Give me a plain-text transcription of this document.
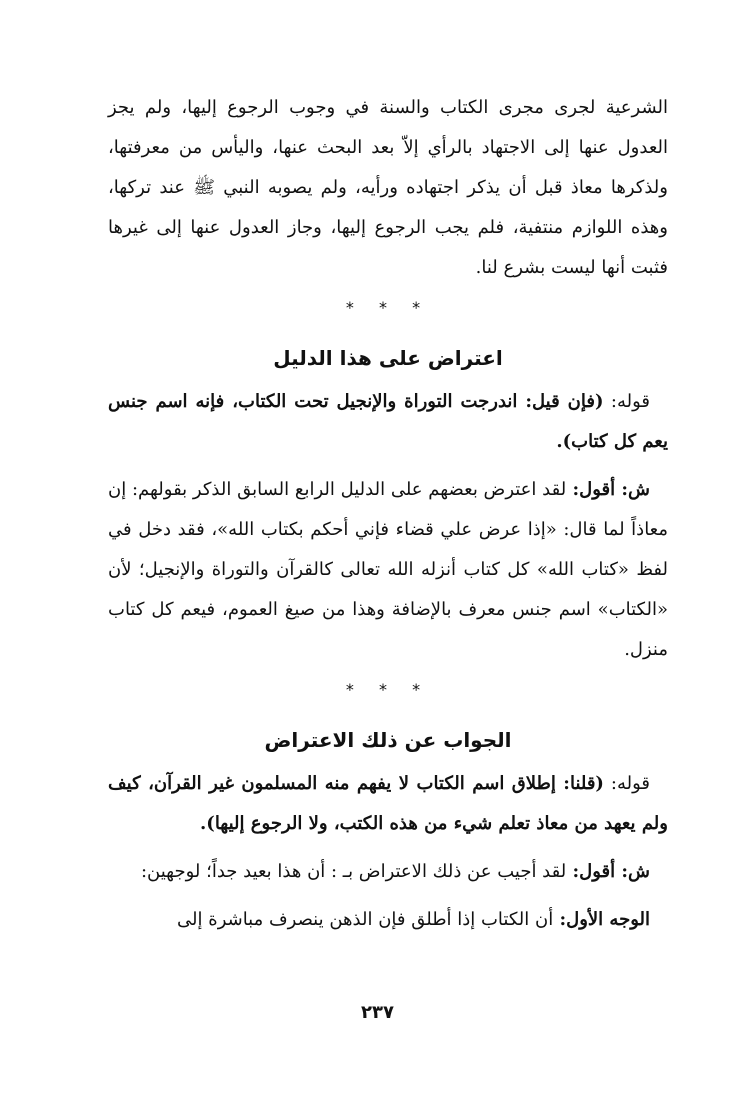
الشرعية لجرى مجرى الكتاب والسنة في وجوب الرجوع إليها، ولم يجز العدول عنها إلى الاجتهاد بالرأي إلاّ بعد البحث عنها، واليأس من معرفتها، ولذكرها معاذ قبل أن يذكر اجتهاده ورأيه، ولم يصوبه النبي ﷺ عند تركها، وهذه اللوازم منتفية، فلم يجب الرجوع إليها، وجاز العدول عنها إلى غيرها فثبت أنها ليست بشرع لنا.

* * *

اعتراض على هذا الدليل

قوله: (فإن قيل: اندرجت التوراة والإنجيل تحت الكتاب، فإنه اسم جنس يعم كل كتاب).

ش: أقول: لقد اعترض بعضهم على الدليل الرابع السابق الذكر بقولهم: إن معاذاً لما قال: «إذا عرض علي قضاء فإني أحكم بكتاب الله»، فقد دخل في لفظ «كتاب الله» كل كتاب أنزله الله تعالى كالقرآن والتوراة والإنجيل؛ لأن «الكتاب» اسم جنس معرف بالإضافة وهذا من صيغ العموم، فيعم كل كتاب منزل.

* * *

الجواب عن ذلك الاعتراض

قوله: (قلنا: إطلاق اسم الكتاب لا يفهم منه المسلمون غير القرآن، كيف ولم يعهد من معاذ تعلم شيء من هذه الكتب، ولا الرجوع إليها).

ش: أقول: لقد أجيب عن ذلك الاعتراض بـ : أن هذا بعيد جداً؛ لوجهين:

الوجه الأول: أن الكتاب إذا أطلق فإن الذهن ينصرف مباشرة إلى

٢٣٧
